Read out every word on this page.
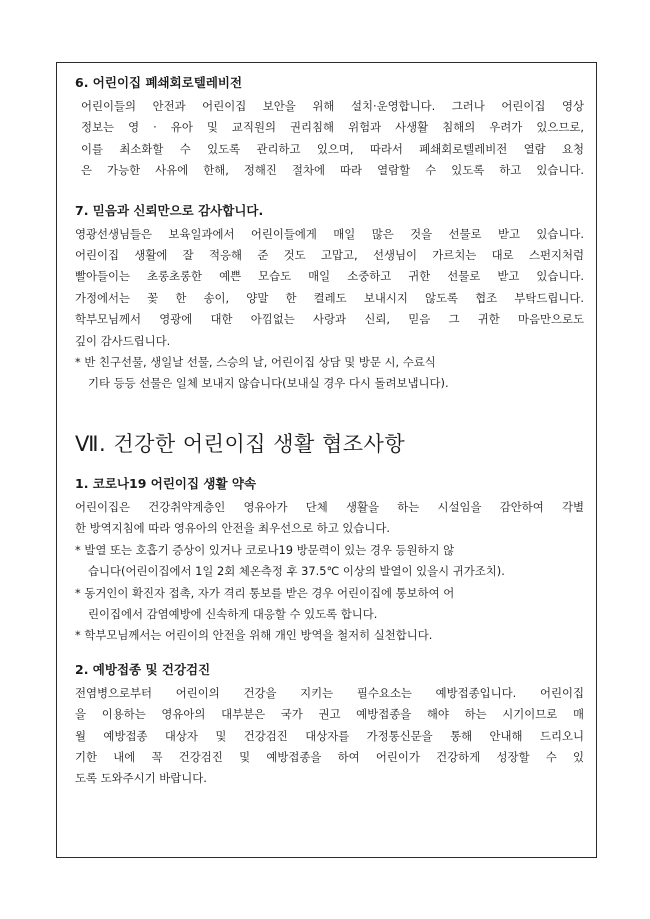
6. 어린이집 폐쇄회로텔레비전
어린이들의 안전과 어린이집 보안을 위해 설치·운영합니다. 그러나 어린이집 영상
정보는 영 · 유아 및 교직원의 권리침해 위험과 사생활 침해의 우려가 있으므로,
이를 최소화할 수 있도록 관리하고 있으며, 따라서 폐쇄회로텔레비전 열람 요청
은 가능한 사유에 한해, 정해진 절차에 따라 열람할 수 있도록 하고 있습니다.
7. 믿음과 신뢰만으로 감사합니다.
영광선생님들은 보육일과에서 어린이들에게 매일 많은 것을 선물로 받고 있습니다.
어린이집 생활에 잘 적응해 준 것도 고맙고, 선생님이 가르치는 대로 스펀지처럼
빨아들이는 초롱초롱한 예쁜 모습도 매일 소중하고 귀한 선물로 받고 있습니다.
가정에서는 꽃 한 송이, 양말 한 켤레도 보내시지 않도록 협조 부탁드립니다.
학부모님께서 영광에 대한 아낌없는 사랑과 신뢰, 믿음 그 귀한 마음만으로도
깊이 감사드립니다.
* 반 친구선물, 생일날 선물, 스승의 날, 어린이집 상담 및 방문 시, 수료식
기타 등등 선물은 일체 보내지 않습니다(보내실 경우 다시 돌려보냅니다).
Ⅶ. 건강한 어린이집 생활 협조사항
1. 코로나19 어린이집 생활 약속
어린이집은 건강취약계층인 영유아가 단체 생활을 하는 시설임을 감안하여 각별
한 방역지침에 따라 영유아의 안전을 최우선으로 하고 있습니다.
* 발열 또는 호흡기 증상이 있거나 코로나19 방문력이 있는 경우 등원하지 않
습니다(어린이집에서 1일 2회 체온측정 후 37.5℃ 이상의 발열이 있을시 귀가조치).
* 동거인이 확진자 접촉, 자가 격리 통보를 받은 경우 어린이집에 통보하여 어
린이집에서 감염예방에 신속하게 대응할 수 있도록 합니다.
* 학부모님께서는 어린이의 안전을 위해 개인 방역을 철저히 실천합니다.
2. 예방접종 및 건강검진
전염병으로부터 어린이의 건강을 지키는 필수요소는 예방접종입니다. 어린이집
을 이용하는 영유아의 대부분은 국가 권고 예방접종을 해야 하는 시기이므로 매
월 예방접종 대상자 및 건강검진 대상자를 가정통신문을 통해 안내해 드리오니
기한 내에 꼭 건강검진 및 예방접종을 하여 어린이가 건강하게 성장할 수 있
도록 도와주시기 바랍니다.
